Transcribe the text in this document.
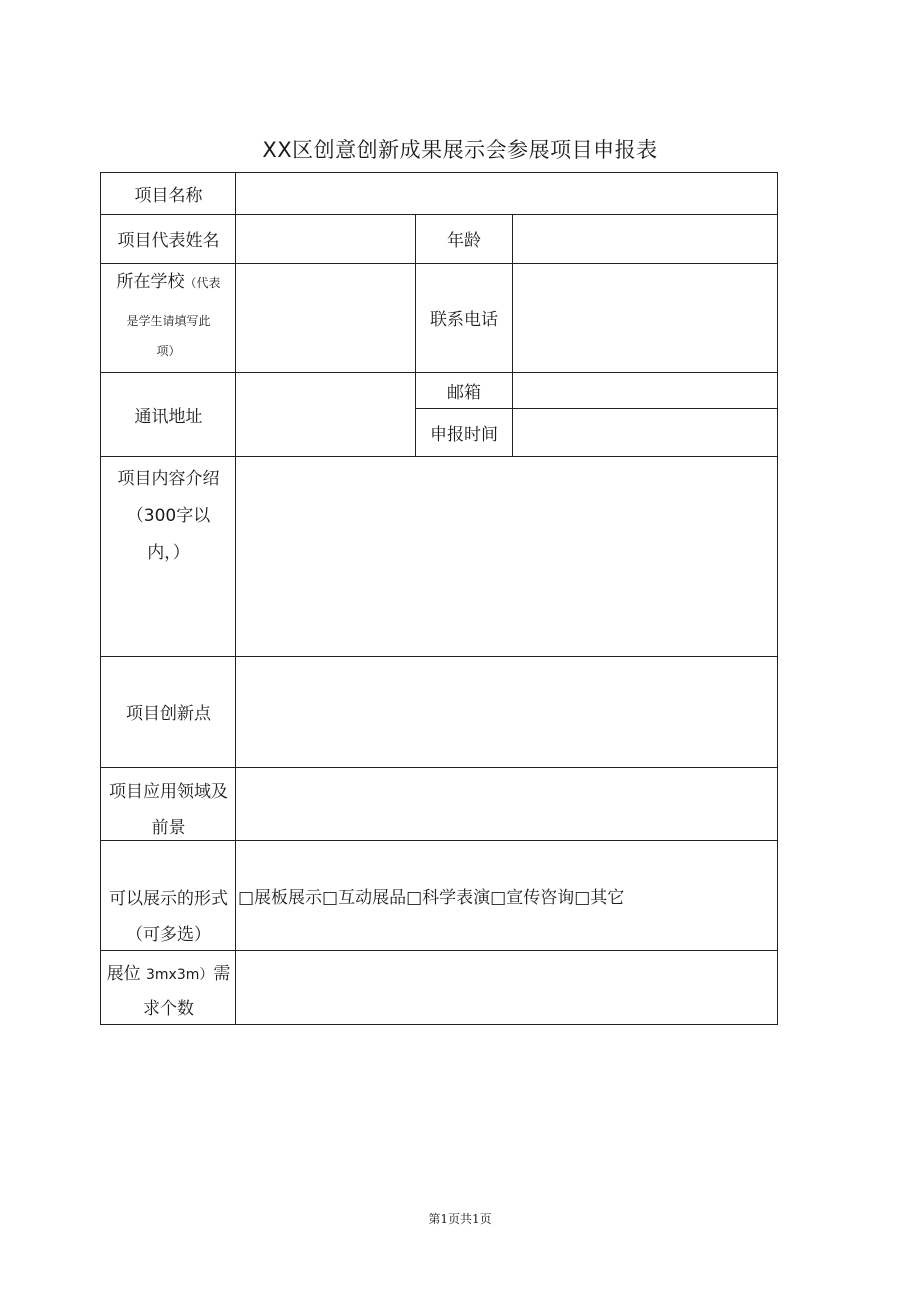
XX区创意创新成果展示会参展项目申报表
项目名称
项目代表姓名	年龄
所在学校（代表
是学生请填写此
项）
联系电话
通讯地址
邮箱
申报时间
项目内容介绍
（300字以
内，）
项目创新点
项目应用领域及
前景
可以展示的形式
（可多选）
□展板展示□互动展品□科学表演□宣传咨询□其它
展位 3mx3m）需
求个数
第1页共1页
